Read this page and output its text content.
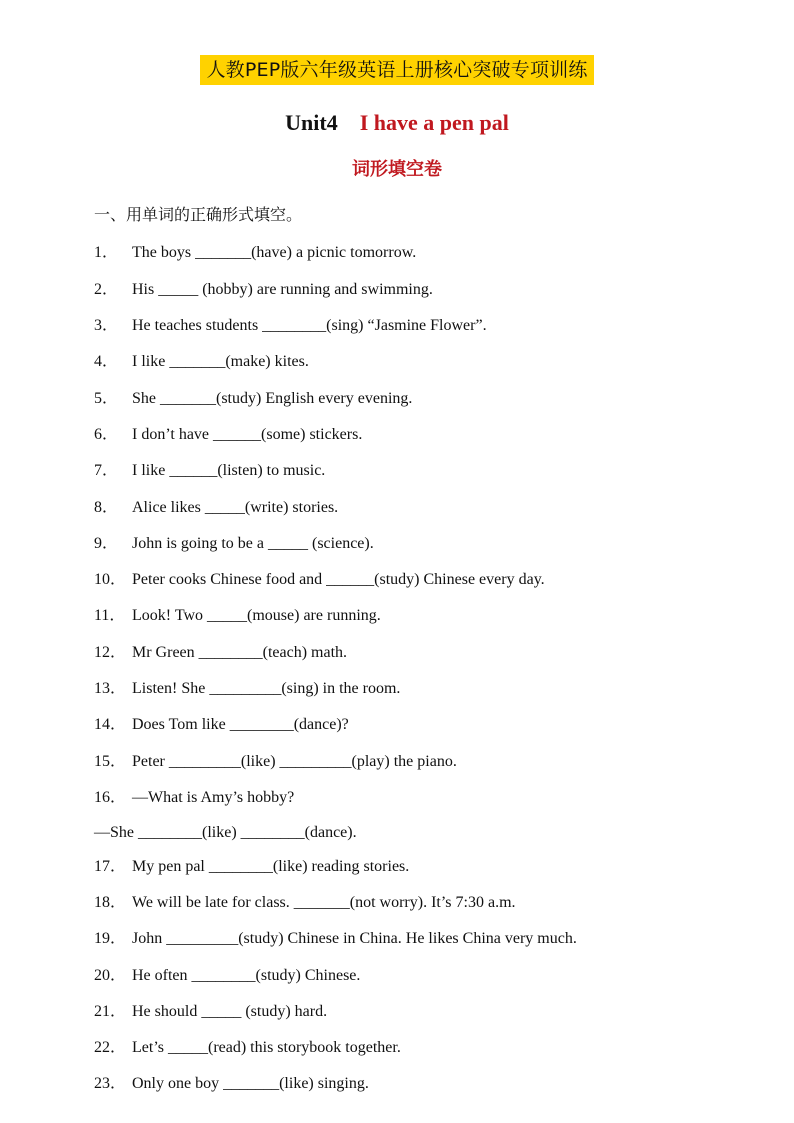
人教PEP版六年级英语上册核心突破专项训练
Unit4 I have a pen pal
词形填空卷
一、用单词的正确形式填空。
1． The boys _______(have) a picnic tomorrow.
2． His _____ (hobby) are running and swimming.
3． He teaches students ________(sing) “Jasmine Flower”.
4． I like _______(make) kites.
5． She _______(study) English every evening.
6． I don’t have ______(some) stickers.
7． I like ______(listen) to music.
8． Alice likes _____(write) stories.
9． John is going to be a _____ (science).
10． Peter cooks Chinese food and ______(study) Chinese every day.
11． Look! Two _____(mouse) are running.
12． Mr Green ________(teach) math.
13． Listen! She _________(sing) in the room.
14． Does Tom like ________(dance)?
15． Peter _________(like) _________(play) the piano.
16． —What is Amy’s hobby?
—She ________(like) ________(dance).
17． My pen pal ________(like) reading stories.
18． We will be late for class. _______(not worry). It’s 7:30 a.m.
19． John _________(study) Chinese in China. He likes China very much.
20． He often ________(study) Chinese.
21． He should _____ (study) hard.
22． Let’s _____(read) this storybook together.
23． Only one boy _______(like) singing.
